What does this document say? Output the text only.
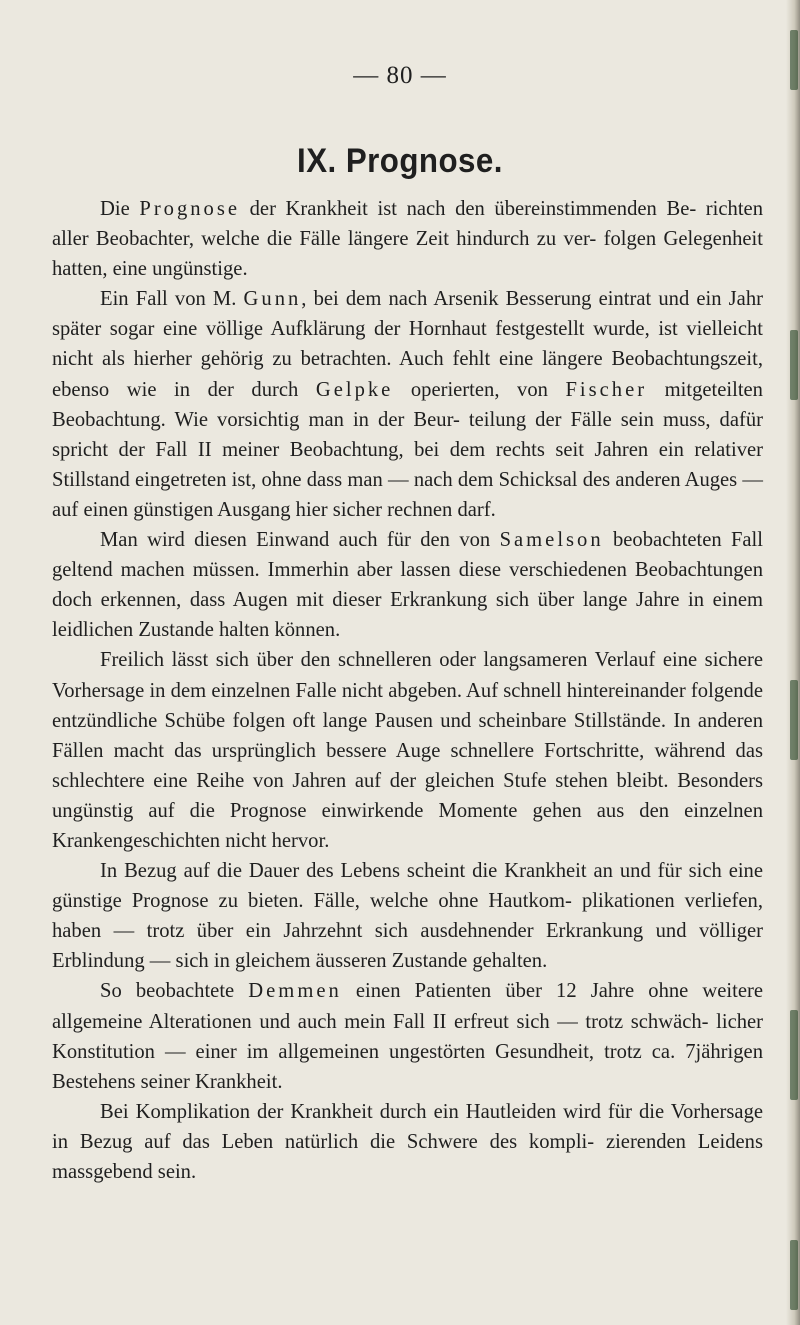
— 80 —
IX. Prognose.

Die Prognose der Krankheit ist nach den übereinstimmenden Be- richten aller Beobachter, welche die Fälle längere Zeit hindurch zu ver- folgen Gelegenheit hatten, eine ungünstige.

Ein Fall von M. Gunn, bei dem nach Arsenik Besserung eintrat und ein Jahr später sogar eine völlige Aufklärung der Hornhaut festgestellt wurde, ist vielleicht nicht als hierher gehörig zu betrachten. Auch fehlt eine längere Beobachtungszeit, ebenso wie in der durch Gelpke operierten, von Fischer mitgeteilten Beobachtung. Wie vorsichtig man in der Beur- teilung der Fälle sein muss, dafür spricht der Fall II meiner Beobachtung, bei dem rechts seit Jahren ein relativer Stillstand eingetreten ist, ohne dass man — nach dem Schicksal des anderen Auges — auf einen günstigen Ausgang hier sicher rechnen darf.

Man wird diesen Einwand auch für den von Samelson beobachteten Fall geltend machen müssen. Immerhin aber lassen diese verschiedenen Beobachtungen doch erkennen, dass Augen mit dieser Erkrankung sich über lange Jahre in einem leidlichen Zustande halten können.

Freilich lässt sich über den schnelleren oder langsameren Verlauf eine sichere Vorhersage in dem einzelnen Falle nicht abgeben. Auf schnell hintereinander folgende entzündliche Schübe folgen oft lange Pausen und scheinbare Stillstände. In anderen Fällen macht das ursprünglich bessere Auge schnellere Fortschritte, während das schlechtere eine Reihe von Jahren auf der gleichen Stufe stehen bleibt. Besonders ungünstig auf die Prognose einwirkende Momente gehen aus den einzelnen Krankengeschichten nicht hervor.

In Bezug auf die Dauer des Lebens scheint die Krankheit an und für sich eine günstige Prognose zu bieten. Fälle, welche ohne Hautkom- plikationen verliefen, haben — trotz über ein Jahrzehnt sich ausdehnender Erkrankung und völliger Erblindung — sich in gleichem äusseren Zustande gehalten.

So beobachtete Demmen einen Patienten über 12 Jahre ohne weitere allgemeine Alterationen und auch mein Fall II erfreut sich — trotz schwäch- licher Konstitution — einer im allgemeinen ungestörten Gesundheit, trotz ca. 7jährigen Bestehens seiner Krankheit.

Bei Komplikation der Krankheit durch ein Hautleiden wird für die Vorhersage in Bezug auf das Leben natürlich die Schwere des kompli- zierenden Leidens massgebend sein.
